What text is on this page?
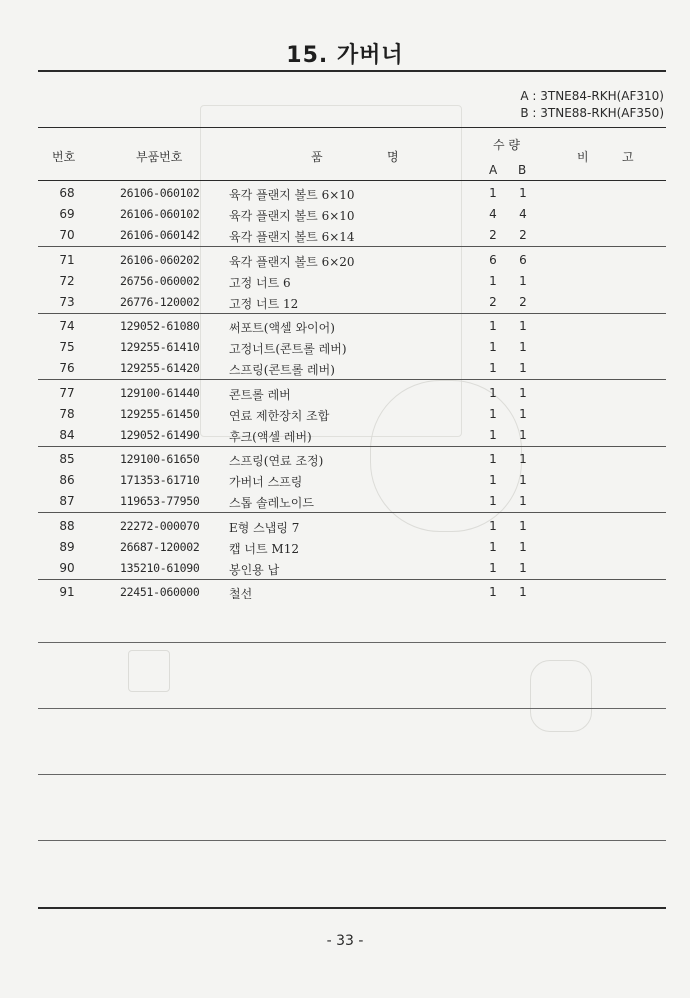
15. 가버너
A : 3TNE84-RKH(AF310)
B : 3TNE88-RKH(AF350)
번호	부품번호	품	명
수 량
A B
비	고
68	26106-060102 육각 플랜지 볼트 6×10	1 1
69	26106-060102 육각 플랜지 볼트 6×10	4 4
70	26106-060142 육각 플랜지 볼트 6×14	2 2
71	26106-060202 육각 플랜지 볼트 6×20	6 6
72	26756-060002 고정 너트 6	1 1
73	26776-120002 고정 너트 12	2 2
74	129052-61080 써포트(액셀 와이어)	1 1
75	129255-61410 고정너트(콘트롤 레버)	1 1
76	129255-61420 스프링(콘트롤 레버)	1 1
77	129100-61440 콘트롤 레버	1 1
78	129255-61450 연료 제한장치 조합	1 1
84	129052-61490 후크(액셀 레버)	1 1
85	129100-61650 스프링(연료 조정)	1 1
86	171353-61710 가버너 스프링	1 1
87	119653-77950 스톱 솔레노이드	1 1
88	22272-000070 E형 스냅링 7	1 1
89	26687-120002 캡 너트 M12	1 1
90	135210-61090 봉인용 납	1 1
91	22451-060000 철선	1 1
- 33 -
